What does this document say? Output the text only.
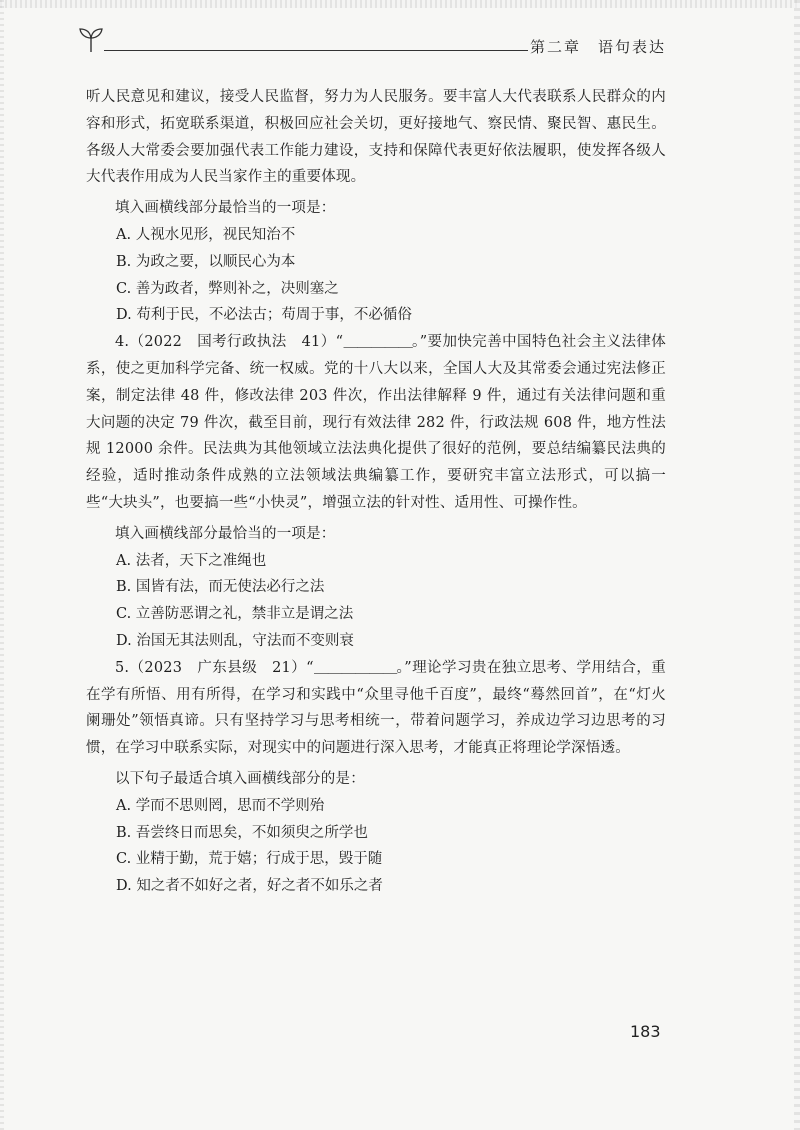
第二章　语句表达

听人民意见和建议，接受人民监督，努力为人民服务。要丰富人大代表联系人民群众的内容和形式，拓宽联系渠道，积极回应社会关切，更好接地气、察民情、聚民智、惠民生。各级人大常委会要加强代表工作能力建设，支持和保障代表更好依法履职，使发挥各级人大代表作用成为人民当家作主的重要体现。

填入画横线部分最恰当的一项是：

A. 人视水见形，视民知治不

B. 为政之要，以顺民心为本

C. 善为政者，弊则补之，决则塞之

D. 苟利于民，不必法古；苟周于事，不必循俗

4.（2022　国考行政执法　41）“＿＿＿＿＿。”要加快完善中国特色社会主义法律体系，使之更加科学完备、统一权威。党的十八大以来，全国人大及其常委会通过宪法修正案，制定法律 48 件，修改法律 203 件次，作出法律解释 9 件，通过有关法律问题和重大问题的决定 79 件次，截至目前，现行有效法律 282 件，行政法规 608 件，地方性法规 12000 余件。民法典为其他领域立法法典化提供了很好的范例，要总结编纂民法典的经验，适时推动条件成熟的立法领域法典编纂工作，要研究丰富立法形式，可以搞一些“大块头”，也要搞一些“小快灵”，增强立法的针对性、适用性、可操作性。

填入画横线部分最恰当的一项是：

A. 法者，天下之准绳也

B. 国皆有法，而无使法必行之法

C. 立善防恶谓之礼，禁非立是谓之法

D. 治国无其法则乱，守法而不变则衰

5.（2023　广东县级　21）“＿＿＿＿＿＿。”理论学习贵在独立思考、学用结合，重在学有所悟、用有所得，在学习和实践中“众里寻他千百度”，最终“蓦然回首”，在“灯火阑珊处”领悟真谛。只有坚持学习与思考相统一，带着问题学习，养成边学习边思考的习惯，在学习中联系实际，对现实中的问题进行深入思考，才能真正将理论学深悟透。

以下句子最适合填入画横线部分的是：

A. 学而不思则罔，思而不学则殆

B. 吾尝终日而思矣，不如须臾之所学也

C. 业精于勤，荒于嬉；行成于思，毁于随

D. 知之者不如好之者，好之者不如乐之者

183
